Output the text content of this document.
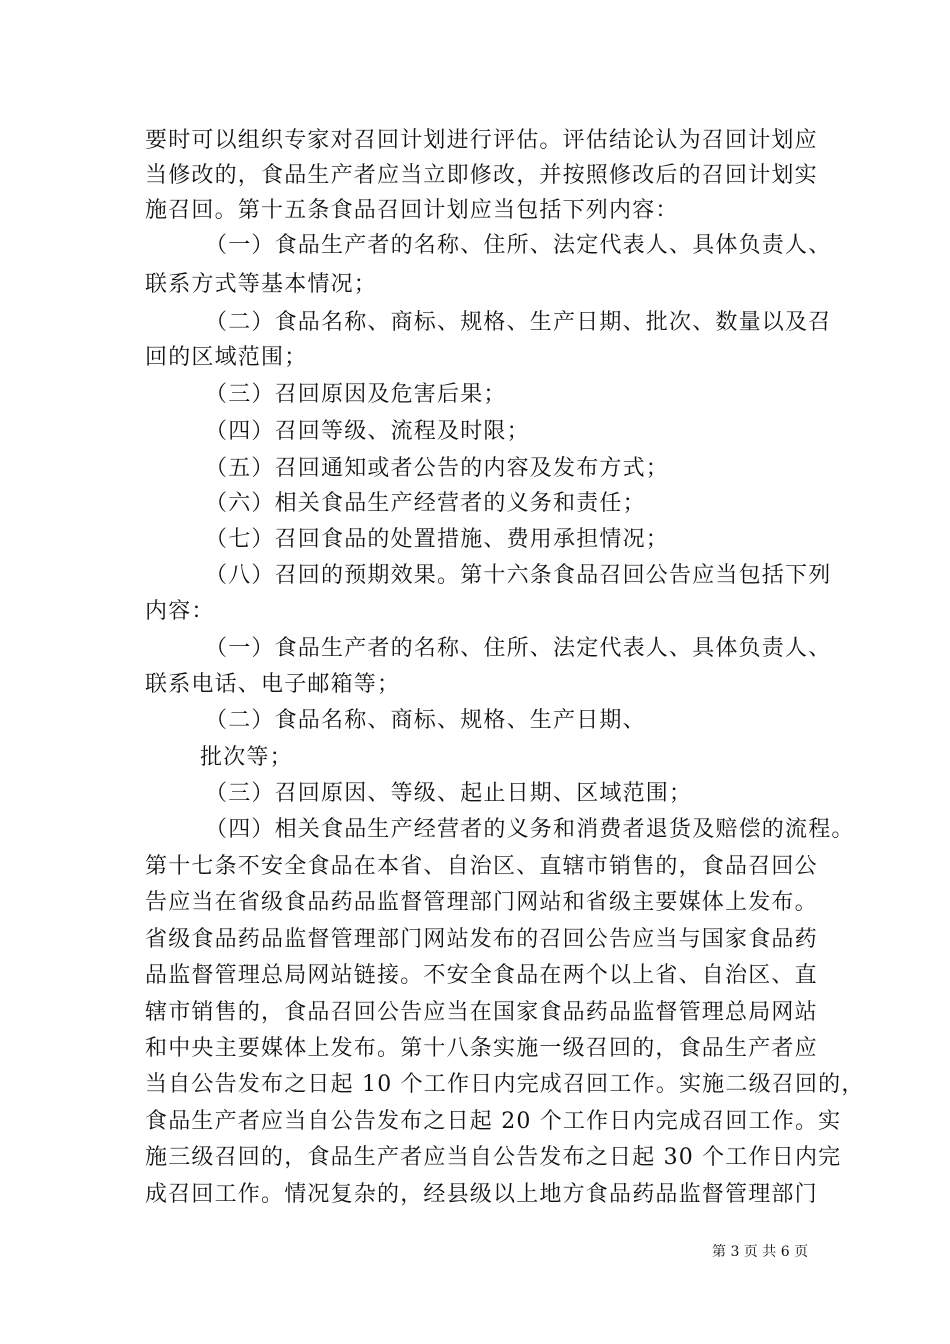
要时可以组织专家对召回计划进行评估。评估结论认为召回计划应
当修改的，食品生产者应当立即修改，并按照修改后的召回计划实
施召回。第十五条食品召回计划应当包括下列内容：
（一）食品生产者的名称、住所、法定代表人、具体负责人、
联系方式等基本情况；
（二）食品名称、商标、规格、生产日期、批次、数量以及召
回的区域范围；
（三）召回原因及危害后果；
（四）召回等级、流程及时限；
（五）召回通知或者公告的内容及发布方式；
（六）相关食品生产经营者的义务和责任；
（七）召回食品的处置措施、费用承担情况；
（八）召回的预期效果。第十六条食品召回公告应当包括下列
内容：
（一）食品生产者的名称、住所、法定代表人、具体负责人、
联系电话、电子邮箱等；
（二）食品名称、商标、规格、生产日期、
批次等；
（三）召回原因、等级、起止日期、区域范围；
（四）相关食品生产经营者的义务和消费者退货及赔偿的流程。
第十七条不安全食品在本省、自治区、直辖市销售的，食品召回公
告应当在省级食品药品监督管理部门网站和省级主要媒体上发布。
省级食品药品监督管理部门网站发布的召回公告应当与国家食品药
品监督管理总局网站链接。不安全食品在两个以上省、自治区、直
辖市销售的，食品召回公告应当在国家食品药品监督管理总局网站
和中央主要媒体上发布。第十八条实施一级召回的，食品生产者应
当自公告发布之日起 10 个工作日内完成召回工作。实施二级召回的，
食品生产者应当自公告发布之日起 20 个工作日内完成召回工作。实
施三级召回的，食品生产者应当自公告发布之日起 30 个工作日内完
成召回工作。情况复杂的，经县级以上地方食品药品监督管理部门
第 3 页 共 6 页
